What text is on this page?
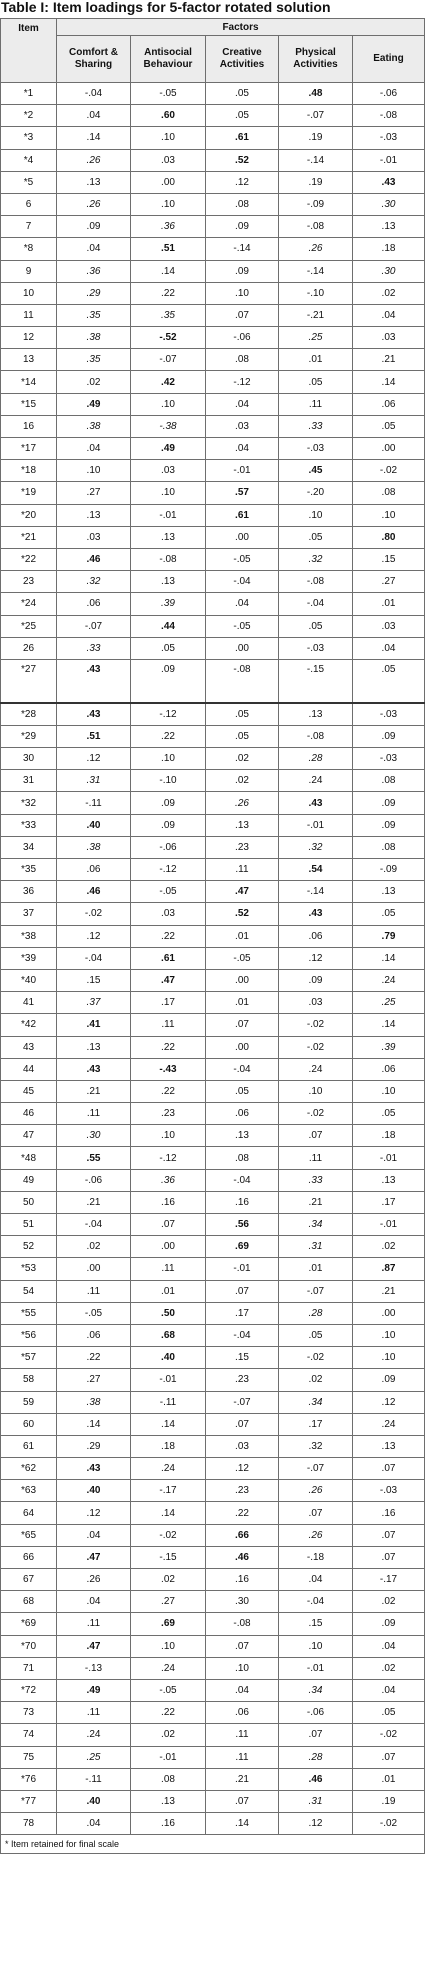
Table I: Item loadings for 5-factor rotated solution
Item	Factors				
	Comfort & Sharing	Antisocial Behaviour	Creative Activities	Physical Activities	Eating
*1	-.04	-.05	.05	.48	-.06
*2	.04	.60	.05	-.07	-.08
*3	.14	.10	.61	.19	-.03
*4	.26	.03	.52	-.14	-.01
*5	.13	.00	.12	.19	.43
6	.26	.10	.08	-.09	.30
7	.09	.36	.09	-.08	.13
*8	.04	.51	-.14	.26	.18
9	.36	.14	.09	-.14	.30
10	.29	.22	.10	-.10	.02
11	.35	.35	.07	-.21	.04
12	.38	-.52	-.06	.25	.03
13	.35	-.07	.08	.01	.21
*14	.02	.42	-.12	.05	.14
*15	.49	.10	.04	.11	.06
16	.38	-.38	.03	.33	.05
*17	.04	.49	.04	-.03	.00
*18	.10	.03	-.01	.45	-.02
*19	.27	.10	.57	-.20	.08
*20	.13	-.01	.61	.10	.10
*21	.03	.13	.00	.05	.80
*22	.46	-.08	-.05	.32	.15
23	.32	.13	-.04	-.08	.27
*24	.06	.39	.04	-.04	.01
*25	-.07	.44	-.05	.05	.03
26	.33	.05	.00	-.03	.04
*27	.43	.09	-.08	-.15	.05
*28	.43	-.12	.05	.13	-.03
*29	.51	.22	.05	-.08	.09
30	.12	.10	.02	.28	-.03
31	.31	-.10	.02	.24	.08
*32	-.11	.09	.26	.43	.09
*33	.40	.09	.13	-.01	.09
34	.38	-.06	.23	.32	.08
*35	.06	-.12	.11	.54	-.09
36	.46	-.05	.47	-.14	.13
37	-.02	.03	.52	.43	.05
*38	.12	.22	.01	.06	.79
*39	-.04	.61	-.05	.12	.14
*40	.15	.47	.00	.09	.24
41	.37	.17	.01	.03	.25
*42	.41	.11	.07	-.02	.14
43	.13	.22	.00	-.02	.39
44	.43	-.43	-.04	.24	.06
45	.21	.22	.05	.10	.10
46	.11	.23	.06	-.02	.05
47	.30	.10	.13	.07	.18
*48	.55	-.12	.08	.11	-.01
49	-.06	.36	-.04	.33	.13
50	.21	.16	.16	.21	.17
51	-.04	.07	.56	.34	-.01
52	.02	.00	.69	.31	.02
*53	.00	.11	-.01	.01	.87
54	.11	.01	.07	-.07	.21
*55	-.05	.50	.17	.28	.00
*56	.06	.68	-.04	.05	.10
*57	.22	.40	.15	-.02	.10
58	.27	-.01	.23	.02	.09
59	.38	-.11	-.07	.34	.12
60	.14	.14	.07	.17	.24
61	.29	.18	.03	.32	.13
*62	.43	.24	.12	-.07	.07
*63	.40	-.17	.23	.26	-.03
64	.12	.14	.22	.07	.16
*65	.04	-.02	.66	.26	.07
66	.47	-.15	.46	-.18	.07
67	.26	.02	.16	.04	-.17
68	.04	.27	.30	-.04	.02
*69	.11	.69	-.08	.15	.09
*70	.47	.10	.07	.10	.04
71	-.13	.24	.10	-.01	.02
*72	.49	-.05	.04	.34	.04
73	.11	.22	.06	-.06	.05
74	.24	.02	.11	.07	-.02
75	.25	-.01	.11	.28	.07
*76	-.11	.08	.21	.46	.01
*77	.40	.13	.07	.31	.19
78	.04	.16	.14	.12	-.02
* Item retained for final scale					
